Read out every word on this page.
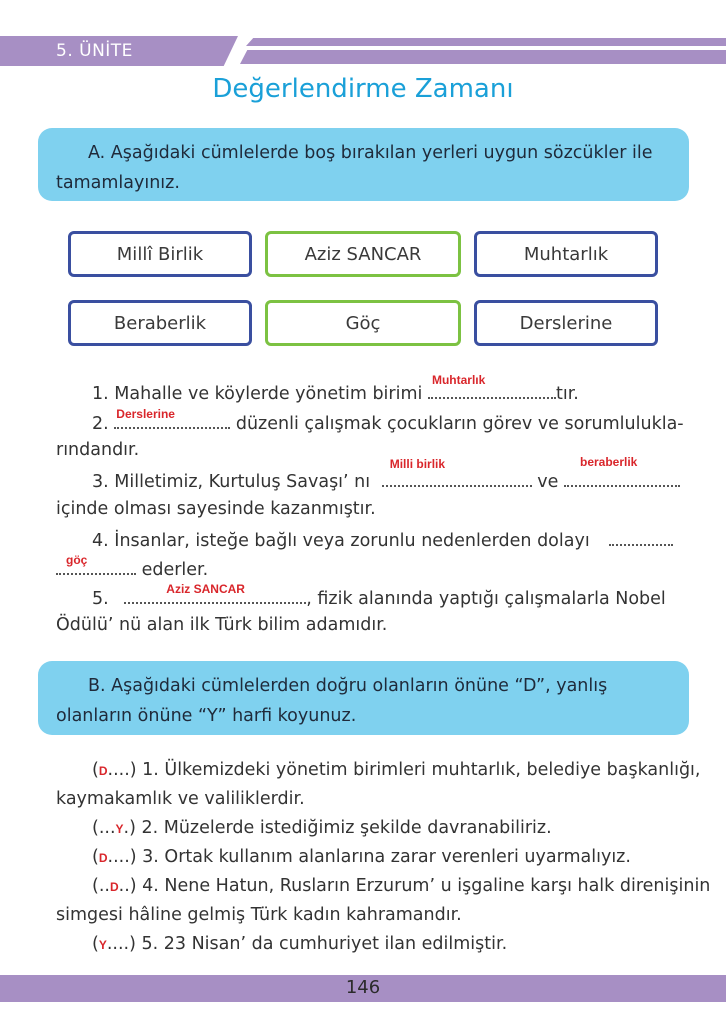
5. ÜNİTE
Değerlendirme Zamanı

A. Aşağıdaki cümlelerde boş bırakılan yerleri uygun sözcükler ile tamamlayınız.

Millî Birlik	Aziz SANCAR	Muhtarlık
Beraberlik	Göç	Derslerine
1. Mahalle ve köylerde yönetim birimi
Muhtarlık
tır.
2. Derslerine	düzenli çalışmak çocukların görev ve sorumlulukla-
rındandır.
3. Milletimiz, Kurtuluş Savaşı’ nı
Milli birlik
ve
beraberlik
içinde olması sayesinde kazanmıştır.
4. İnsanlar, isteğe bağlı veya zorunlu nedenlerden dolayı
göç	ederler.
5.	Aziz SANCAR	, fizik alanında yaptığı çalışmalarla Nobel
Ödülü’ nü alan ilk Türk bilim adamıdır.

B. Aşağıdaki cümlelerden doğru olanların önüne “D”, yanlış olanların önüne “Y” harfi koyunuz.

(D....) 1. Ülkemizdeki yönetim birimleri muhtarlık, belediye başkanlığı,
kaymakamlık ve valiliklerdir.
(...Y.) 2. Müzelerde istediğimiz şekilde davranabiliriz.
(D....) 3. Ortak kullanım alanlarına zarar verenleri uyarmalıyız.
(..D..) 4. Nene Hatun, Rusların Erzurum’ u işgaline karşı halk direnişinin
simgesi hâline gelmiş Türk kadın kahramandır.
(Y....) 5. 23 Nisan’ da cumhuriyet ilan edilmiştir.
146
